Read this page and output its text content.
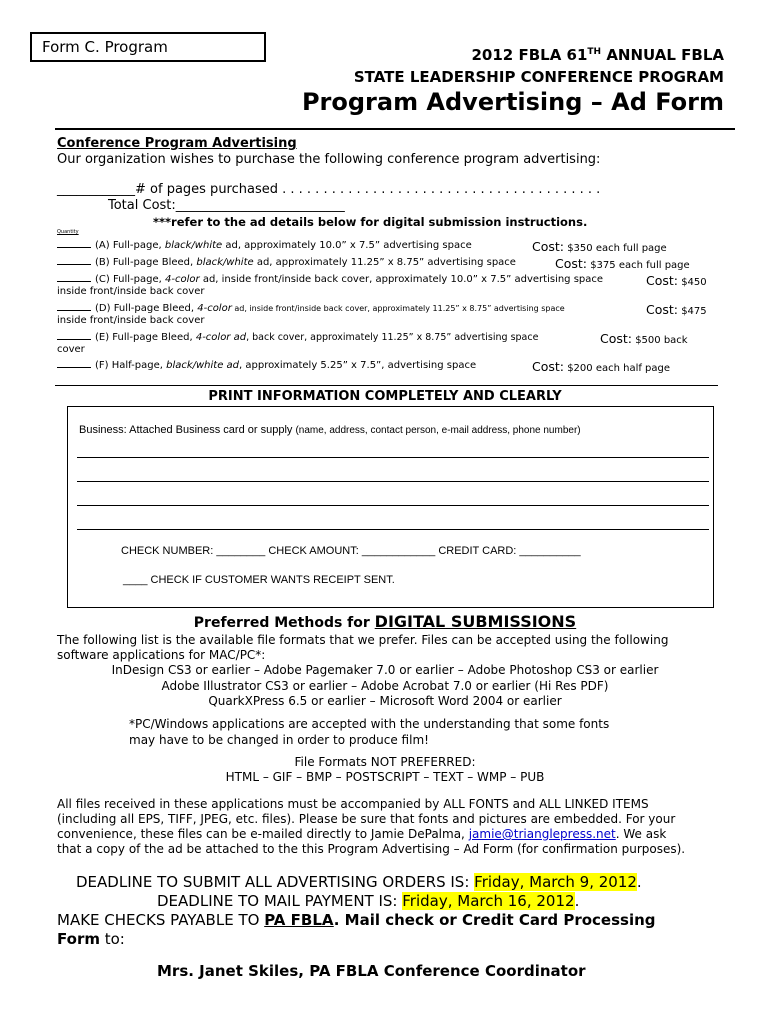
Form C. Program	2012 FBLA 61TH ANNUAL FBLA
STATE LEADERSHIP CONFERENCE PROGRAM
Program Advertising – Ad Form
Conference Program Advertising
Our organization wishes to purchase the following conference program advertising:
____________# of pages purchased . . . . . . . . . . . . . . . . . . . . . . . . . . . . . . . . . . . . . . .
Total Cost:__________________________
***refer to the ad details below for digital submission instructions.
Quantity
(A) Full-page, black/white ad, approximately 10.0” x 7.5” advertising space	Cost: $350 each full page
(B) Full-page Bleed, black/white ad, approximately 11.25” x 8.75” advertising space	Cost: $375 each full page
(C) Full-page, 4-color ad, inside front/inside back cover, approximately 10.0” x 7.5” advertising space	Cost: $450
inside front/inside back cover
(D) Full-page Bleed, 4-color ad, inside front/inside back cover, approximately 11.25” x 8.75” advertising space	Cost: $475
inside front/inside back cover
(E) Full-page Bleed, 4-color ad, back cover, approximately 11.25” x 8.75” advertising space	Cost: $500 back
cover
(F) Half-page, black/white ad, approximately 5.25” x 7.5”, advertising space	Cost: $200 each half page
PRINT INFORMATION COMPLETELY AND CLEARLY
Business: Attached Business card or supply (name, address, contact person, e-mail address, phone number)
CHECK NUMBER: ________ CHECK AMOUNT: ____________ CREDIT CARD: __________
____ CHECK IF CUSTOMER WANTS RECEIPT SENT.
Preferred Methods for DIGITAL SUBMISSIONS
The following list is the available file formats that we prefer. Files can be accepted using the following
software applications for MAC/PC*:
InDesign CS3 or earlier – Adobe Pagemaker 7.0 or earlier – Adobe Photoshop CS3 or earlier
Adobe Illustrator CS3 or earlier – Adobe Acrobat 7.0 or earlier (Hi Res PDF)
QuarkXPress 6.5 or earlier – Microsoft Word 2004 or earlier
*PC/Windows applications are accepted with the understanding that some fonts
may have to be changed in order to produce film!
File Formats NOT PREFERRED:
HTML – GIF – BMP – POSTSCRIPT – TEXT – WMP – PUB
All files received in these applications must be accompanied by ALL FONTS and ALL LINKED ITEMS
(including all EPS, TIFF, JPEG, etc. files). Please be sure that fonts and pictures are embedded. For your
convenience, these files can be e-mailed directly to Jamie DePalma, jamie@trianglepress.net. We ask
that a copy of the ad be attached to the this Program Advertising – Ad Form (for confirmation purposes).
DEADLINE TO SUBMIT ALL ADVERTISING ORDERS IS: Friday, March 9, 2012.
DEADLINE TO MAIL PAYMENT IS: Friday, March 16, 2012.
MAKE CHECKS PAYABLE TO PA FBLA. Mail check or Credit Card Processing
Form to:
Mrs. Janet Skiles, PA FBLA Conference Coordinator
